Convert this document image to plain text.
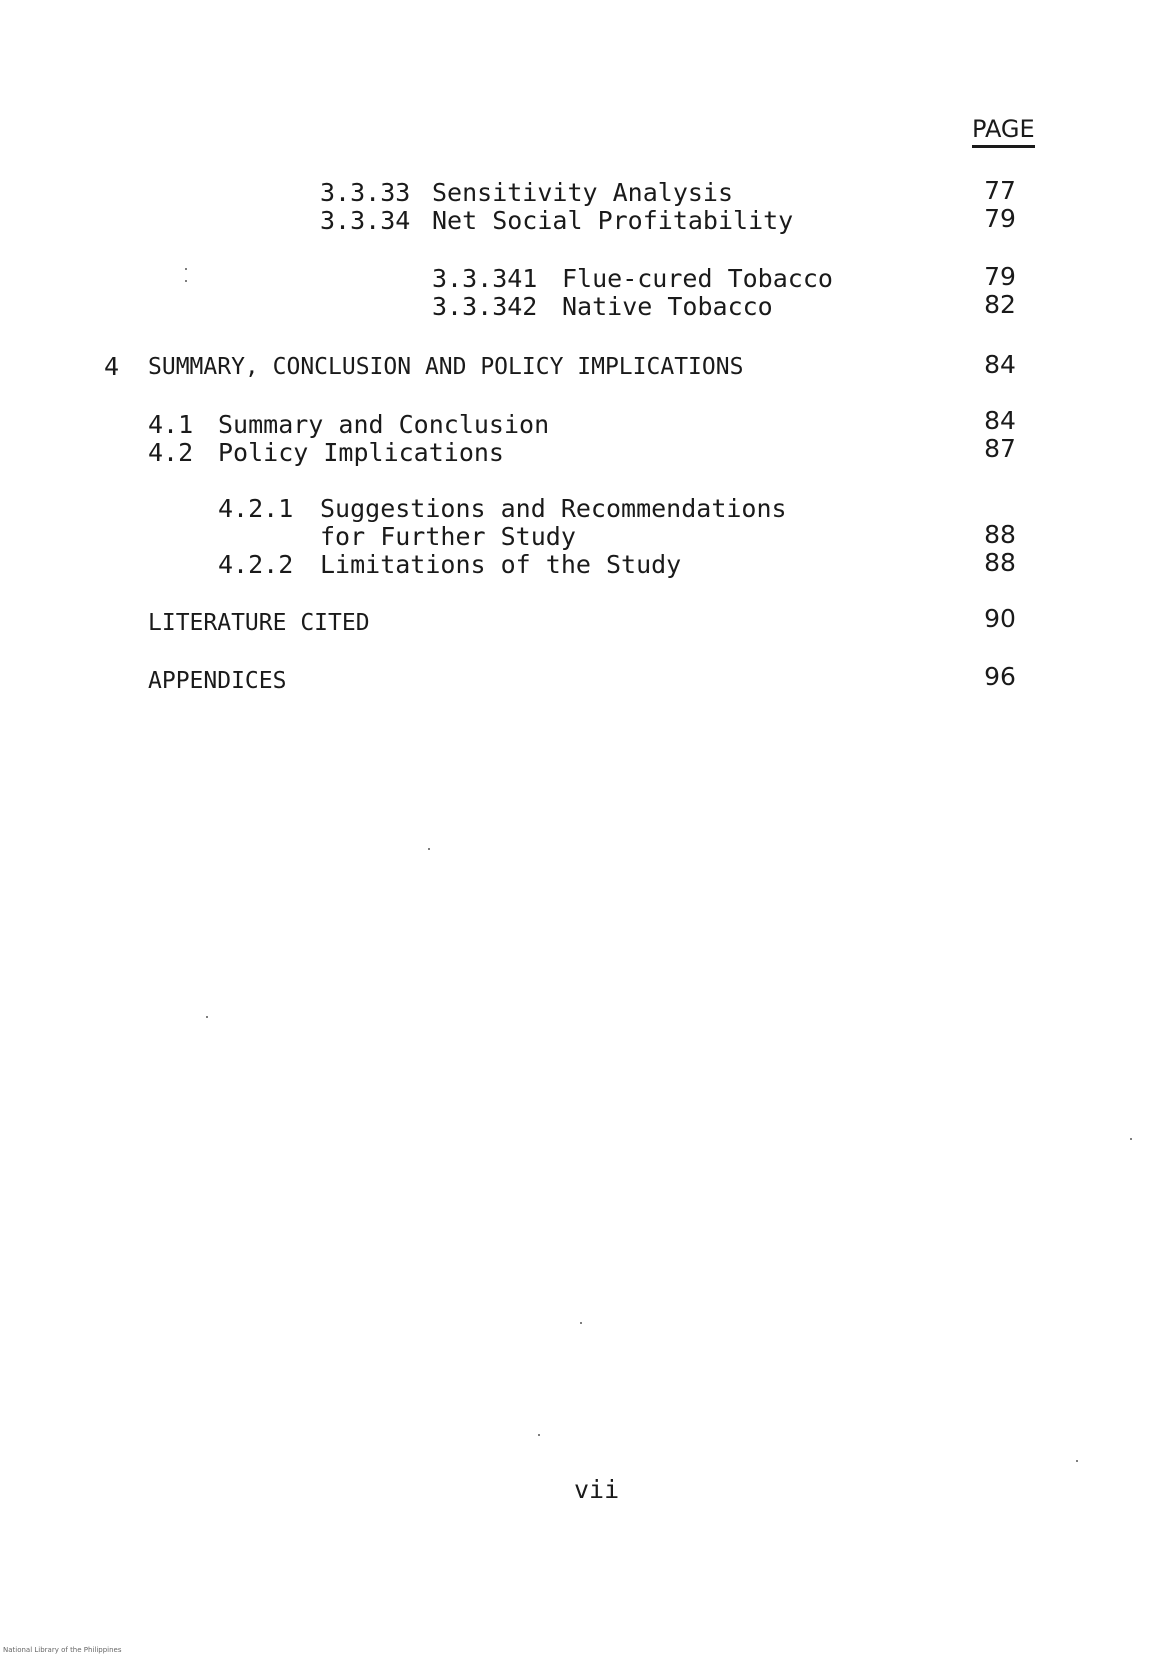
PAGE
3.3.33 Sensitivity Analysis	77
3.3.34 Net Social Profitability	79
3.3.341 Flue-cured Tobacco	79
3.3.342 Native Tobacco	82
4 SUMMARY, CONCLUSION AND POLICY IMPLICATIONS	84
4.1 Summary and Conclusion	84
4.2 Policy Implications	87
4.2.1 Suggestions and Recommendations
for Further Study	88
4.2.2 Limitations of the Study	88
LITERATURE CITED	90
APPENDICES	96
vii
National Library of the Philippines
